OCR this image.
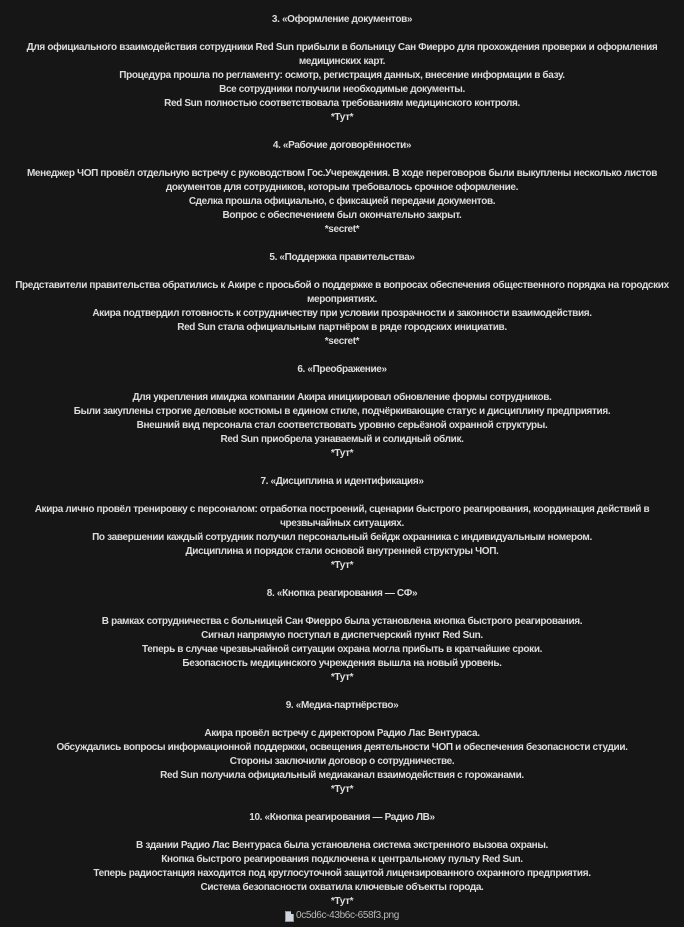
3. «Оформление документов»
Для официального взаимодействия сотрудники Red Sun прибыли в больницу Сан Фиерро для прохождения проверки и оформления медицинских карт.
Процедура прошла по регламенту: осмотр, регистрация данных, внесение информации в базу.
Все сотрудники получили необходимые документы.
Red Sun полностью соответствовала требованиям медицинского контроля.
*Тут*
4. «Рабочие договорённости»
Менеджер ЧОП провёл отдельную встречу с руководством Гос.Учереждения. В ходе переговоров были выкуплены несколько листов документов для сотрудников, которым требовалось срочное оформление.
Сделка прошла официально, с фиксацией передачи документов.
Вопрос с обеспечением был окончательно закрыт.
*secret*
5. «Поддержка правительства»
Представители правительства обратились к Акире с просьбой о поддержке в вопросах обеспечения общественного порядка на городских мероприятиях.
Акира подтвердил готовность к сотрудничеству при условии прозрачности и законности взаимодействия.
Red Sun стала официальным партнёром в ряде городских инициатив.
*secret*
6. «Преображение»
Для укрепления имиджа компании Акира инициировал обновление формы сотрудников.
Были закуплены строгие деловые костюмы в едином стиле, подчёркивающие статус и дисциплину предприятия.
Внешний вид персонала стал соответствовать уровню серьёзной охранной структуры.
Red Sun приобрела узнаваемый и солидный облик.
*Тут*
7. «Дисциплина и идентификация»
Акира лично провёл тренировку с персоналом: отработка построений, сценарии быстрого реагирования, координация действий в чрезвычайных ситуациях.
По завершении каждый сотрудник получил персональный бейдж охранника с индивидуальным номером.
Дисциплина и порядок стали основой внутренней структуры ЧОП.
*Тут*
8. «Кнопка реагирования — СФ»
В рамках сотрудничества с больницей Сан Фиерро была установлена кнопка быстрого реагирования.
Сигнал напрямую поступал в диспетчерский пункт Red Sun.
Теперь в случае чрезвычайной ситуации охрана могла прибыть в кратчайшие сроки.
Безопасность медицинского учреждения вышла на новый уровень.
*Тут*
9. «Медиа-партнёрство»
Акира провёл встречу с директором Радио Лас Вентураса.
Обсуждались вопросы информационной поддержки, освещения деятельности ЧОП и обеспечения безопасности студии.
Стороны заключили договор о сотрудничестве.
Red Sun получила официальный медиаканал взаимодействия с горожанами.
*Тут*
10. «Кнопка реагирования — Радио ЛВ»
В здании Радио Лас Вентураса была установлена система экстренного вызова охраны.
Кнопка быстрого реагирования подключена к центральному пульту Red Sun.
Теперь радиостанция находится под круглосуточной защитой лицензированного охранного предприятия.
Система безопасности охватила ключевые объекты города.
*Тут*
0c5d6c-43b6c-658f3.png
